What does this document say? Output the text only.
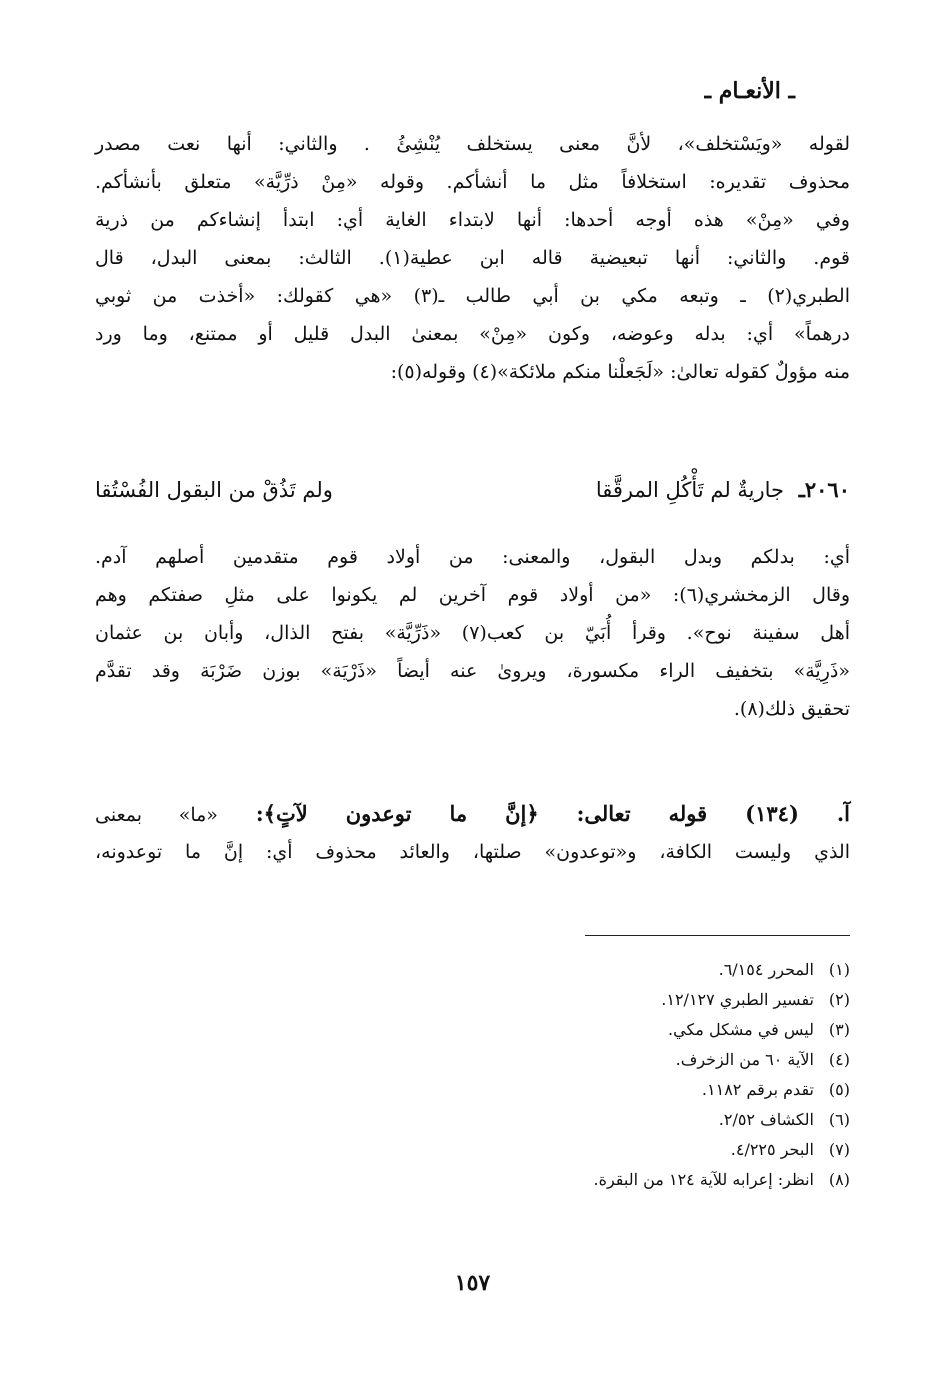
ـ الأنعـام ـ
لقوله «ويَسْتخلف»، لأنَّ معنى يستخلف يُنْشِئُ . والثاني: أنها نعت مصدر
محذوف تقديره: استخلافاً مثل ما أنشأكم. وقوله «مِنْ ذرِّيَّة» متعلق بأنشأكم.
وفي «مِنْ» هذه أوجه أحدها: أنها لابتداء الغاية أي: ابتدأ إنشاءكم من ذرية
قوم. والثاني: أنها تبعيضية قاله ابن عطية(١). الثالث: بمعنى البدل، قال
الطبري(٢) ـ وتبعه مكي بن أبي طالب ـ(٣) «هي كقولك: «أخذت من ثوبي
درهماً» أي: بدله وعوضه، وكون «مِنْ» بمعنىٰ البدل قليل أو ممتنع، وما ورد
منه مؤولٌ كقوله تعالىٰ: «لَجَعلْنا منكم ملائكة»(٤) وقوله(٥):
٢٠٦٠ـ جاريةٌ لم تَأْكُلِ المرقَّقا
ولم تَذُقْ من البقول الفُسْتُقا
أي: بدلكم وبدل البقول، والمعنى: من أولاد قوم متقدمين أصلهم آدم.
وقال الزمخشري(٦): «من أولاد قوم آخرين لم يكونوا على مثلِ صفتكم وهم
أهل سفينة نوح». وقرأ أُبَيّ بن كعب(٧) «ذَرِّيَّة» بفتح الذال، وأبان بن عثمان
«ذَرِيَّة» بتخفيف الراء مكسورة، ويروىٰ عنه أيضاً «ذَرْيَة» بوزن ضَرْبَة وقد تقدَّم
تحقيق ذلك(٨).
آ. (١٣٤) قوله تعالى: ﴿إنَّ ما توعدون لآتٍ﴾: «ما» بمعنى
الذي وليست الكافة، و«توعدون» صلتها، والعائد محذوف أي: إنَّ ما توعدونه،
(١)المحرر ٦/١٥٤.
(٢)تفسير الطبري ١٢/١٢٧.
(٣)ليس في مشكل مكي.
(٤)الآية ٦٠ من الزخرف.
(٥)تقدم برقم ١١٨٢.
(٦)الكشاف ٢/٥٢.
(٧)البحر ٤/٢٢٥.
(٨)انظر: إعرابه للآية ١٢٤ من البقرة.
١٥٧
